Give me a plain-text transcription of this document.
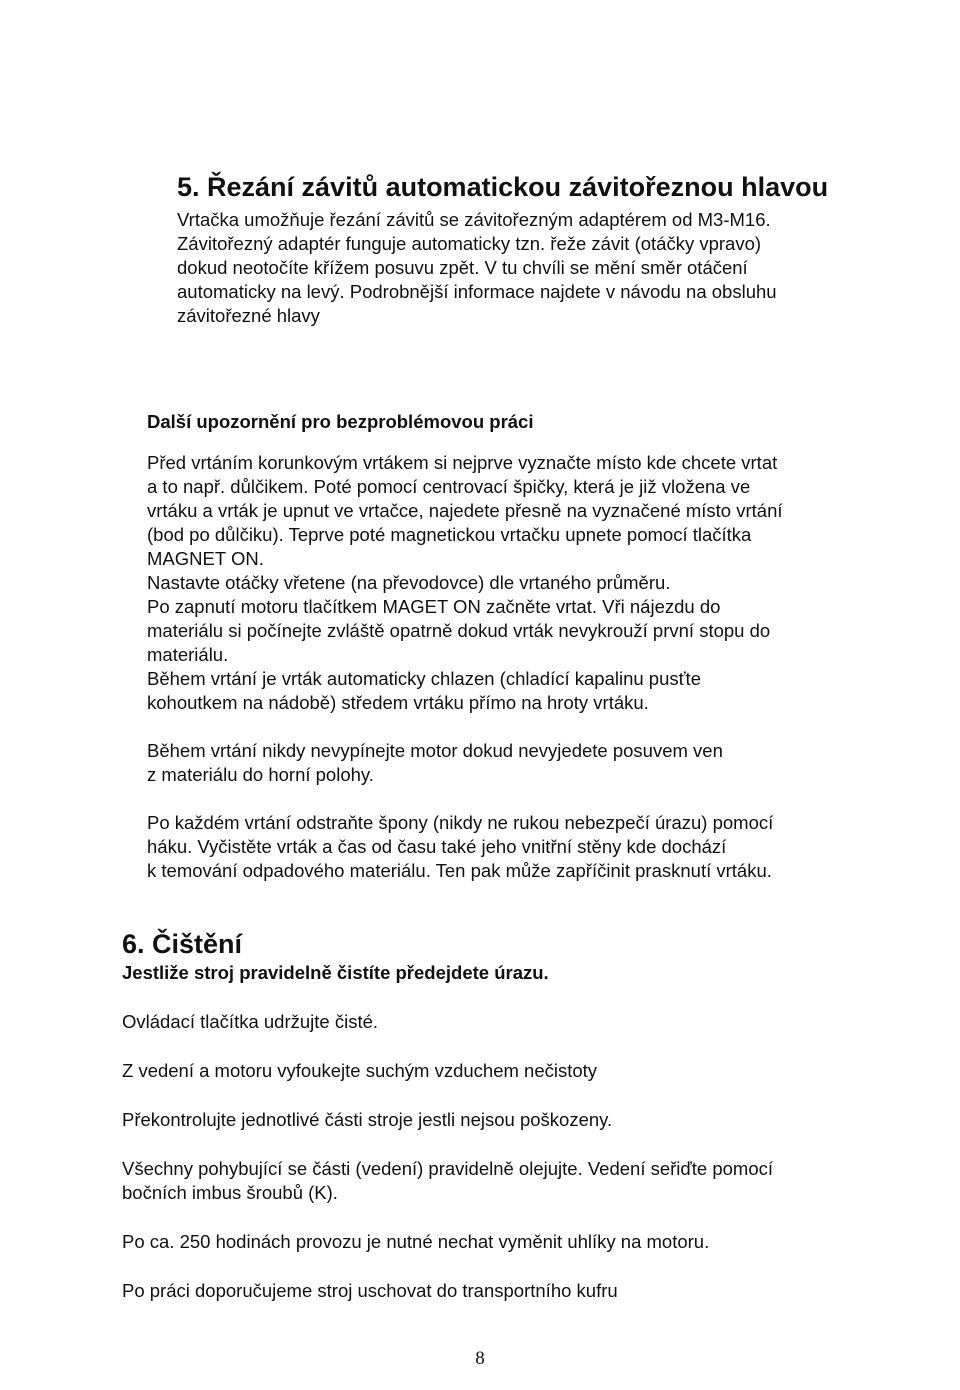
5. Řezání závitů automatickou závitořeznou hlavou
Vrtačka umožňuje řezání závitů se závitořezným adaptérem od M3-M16.
Závitořezný adaptér funguje automaticky tzn. řeže závit (otáčky vpravo)
dokud neotočíte křížem posuvu zpět. V tu chvíli se mění směr otáčení
automaticky na levý. Podrobnější informace najdete v návodu na obsluhu
závitořezné hlavy
Další upozornění pro bezproblémovou práci
Před vrtáním korunkovým vrtákem si nejprve vyznačte místo kde chcete vrtat
a to např. důlčikem. Poté pomocí centrovací špičky, která je již vložena ve
vrtáku a vrták je upnut ve vrtačce, najedete přesně na vyznačené místo vrtání
(bod po důlčiku). Teprve poté magnetickou vrtačku upnete pomocí tlačítka
MAGNET ON.
Nastavte otáčky vřetene (na převodovce) dle vrtaného průměru.
Po zapnutí motoru tlačítkem MAGET ON začněte vrtat. Vři nájezdu do
materiálu si počínejte zvláště opatrně dokud vrták nevykrouží první stopu do
materiálu.
Během vrtání je vrták automaticky chlazen (chladící kapalinu pusťte
kohoutkem na nádobě) středem vrtáku přímo na hroty vrtáku.
Během vrtání nikdy nevypínejte motor dokud nevyjedete posuvem ven
z materiálu do horní polohy.
Po každém vrtání odstraňte špony (nikdy ne rukou nebezpečí úrazu) pomocí
háku. Vyčistěte vrták a čas od času také jeho vnitřní stěny kde dochází
k temování odpadového materiálu. Ten pak může zapříčinit prasknutí vrtáku.
6. Čištění
Jestliže stroj pravidelně čistíte předejdete úrazu.
Ovládací tlačítka udržujte čisté.
Z vedení a motoru vyfoukejte suchým vzduchem nečistoty
Překontrolujte jednotlivé části stroje jestli nejsou poškozeny.
Všechny pohybující se části (vedení) pravidelně olejujte. Vedení seřiďte pomocí
bočních imbus šroubů (K).
Po ca. 250 hodinách provozu je nutné nechat vyměnit uhlíky na motoru.
Po práci doporučujeme stroj uschovat do transportního kufru
8
